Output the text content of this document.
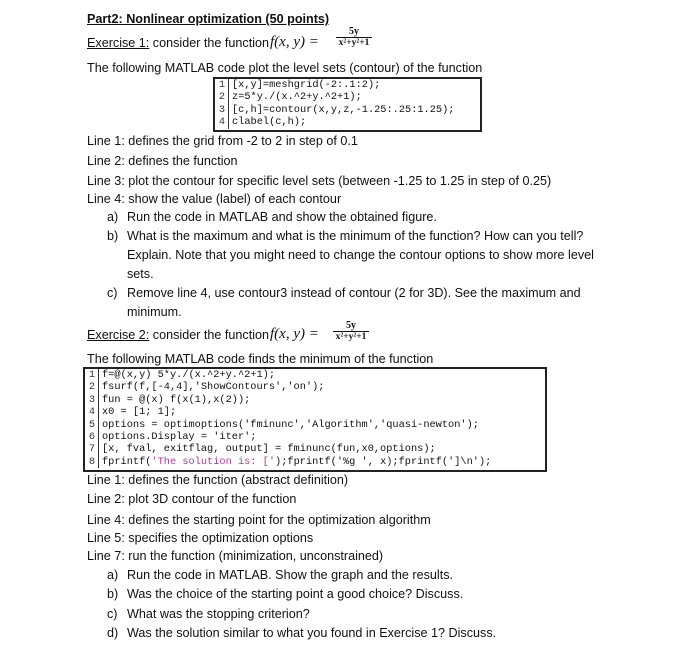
Part2: Nonlinear optimization (50 points)
Exercise 1: consider the function f(x, y) =
5y
x²+y²+1
The following MATLAB code plot the level sets (contour) of the function
1 [x,y]=meshgrid(-2:.1:2);
2 z=5*y./(x.^2+y.^2+1);
3 [c,h]=contour(x,y,z,-1.25:.25:1.25);
4 clabel(c,h);
Line 1: defines the grid from -2 to 2 in step of 0.1
Line 2: defines the function
Line 3: plot the contour for specific level sets (between -1.25 to 1.25 in step of 0.25)
Line 4: show the value (label) of each contour
a) Run the code in MATLAB and show the obtained figure.
b) What is the maximum and what is the minimum of the function? How can you tell?
Explain. Note that you might need to change the contour options to show more level
sets.
c) Remove line 4, use contour3 instead of contour (2 for 3D). See the maximum and
minimum.
Exercise 2: consider the function f(x, y) =
5y
x²+y²+1
The following MATLAB code finds the minimum of the function
1 f=@(x,y) 5*y./(x.^2+y.^2+1);
2 fsurf(f,[-4,4],'ShowContours','on');
3 fun = @(x) f(x(1),x(2));
4 x0 = [1; 1];
5 options = optimoptions('fminunc','Algorithm','quasi-newton');
6 options.Display = 'iter';
7 [x, fval, exitflag, output] = fminunc(fun,x0,options);
8 fprintf('The solution is: [');fprintf('%g ', x);fprintf(']\n');
Line 1: defines the function (abstract definition)
Line 2: plot 3D contour of the function
Line 4: defines the starting point for the optimization algorithm
Line 5: specifies the optimization options
Line 7: run the function (minimization, unconstrained)
a) Run the code in MATLAB. Show the graph and the results.
b) Was the choice of the starting point a good choice? Discuss.
c) What was the stopping criterion?
d) Was the solution similar to what you found in Exercise 1? Discuss.
